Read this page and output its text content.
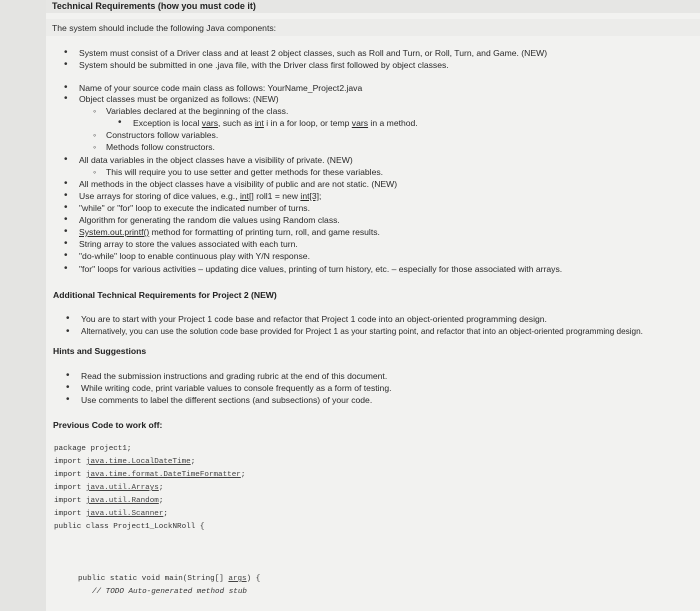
Technical Requirements (how you must code it)
The system should include the following Java components:
• System must consist of a Driver class and at least 2 object classes, such as Roll and Turn, or Roll, Turn, and Game. (NEW)
• System should be submitted in one .java file, with the Driver class first followed by object classes.
• Name of your source code main class as follows: YourName_Project2.java
• Object classes must be organized as follows: (NEW)
◦ Variables declared at the beginning of the class.
• Exception is local vars, such as int i in a for loop, or temp vars in a method.
◦ Constructors follow variables.
◦ Methods follow constructors.
• All data variables in the object classes have a visibility of private. (NEW)
◦ This will require you to use setter and getter methods for these variables.
• All methods in the object classes have a visibility of public and are not static. (NEW)
• Use arrays for storing of dice values, e.g., int[] roll1 = new int[3];
• "while" or "for" loop to execute the indicated number of turns.
• Algorithm for generating the random die values using Random class.
• System.out.printf() method for formatting of printing turn, roll, and game results.
• String array to store the values associated with each turn.
• "do-while" loop to enable continuous play with Y/N response.
• "for" loops for various activities – updating dice values, printing of turn history, etc. – especially for those associated with arrays.
Additional Technical Requirements for Project 2 (NEW)
• You are to start with your Project 1 code base and refactor that Project 1 code into an object-oriented programming design.
• Alternatively, you can use the solution code base provided for Project 1 as your starting point, and refactor that into an object-oriented programming design.
Hints and Suggestions
• Read the submission instructions and grading rubric at the end of this document.
• While writing code, print variable values to console frequently as a form of testing.
• Use comments to label the different sections (and subsections) of your code.
Previous Code to work off:
package project1;
import java.time.LocalDateTime;
import java.time.format.DateTimeFormatter;
import java.util.Arrays;
import java.util.Random;
import java.util.Scanner;
public class Project1_LockNRoll {
public static void main(String[] args) {
// TODO Auto-generated method stub
